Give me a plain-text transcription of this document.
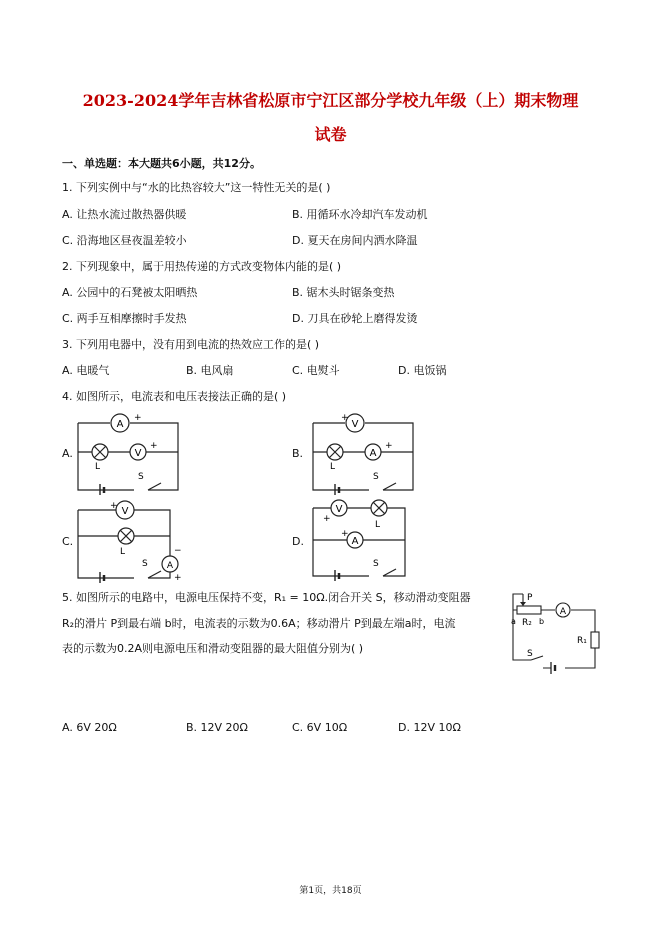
2023-2024学年吉林省松原市宁江区部分学校九年级（上）期末物理
试卷
一、单选题：本大题共6小题，共12分。
1. 下列实例中与“水的比热容较大”这一特性无关的是( )
A. 让热水流过散热器供暖	B. 用循环水冷却汽车发动机
C. 沿海地区昼夜温差较小	D. 夏天在房间内洒水降温
2. 下列现象中，属于用热传递的方式改变物体内能的是( )
A. 公园中的石凳被太阳晒热	B. 锯木头时锯条变热
C. 两手互相摩擦时手发热	D. 刀具在砂轮上磨得发烫
3. 下列用电器中，没有用到电流的热效应工作的是( )
A. 电暖气	B. 电风扇	C. 电熨斗	D. 电饭锅
4. 如图所示，电流表和电压表接法正确的是( )
A.	B.
C.	D.
A
V
+
+
L
S
V
A
+
+
L
S
V
A
+
−
+
L
S
V
A
+
+
L
S
5. 如图所示的电路中，电源电压保持不变，R₁ = 10Ω.闭合开关 S，移动滑动变阻器
R₂的滑片 P到最右端 b时，电流表的示数为0.6A；移动滑片 P到最左端a时，电流
表的示数为0.2A则电源电压和滑动变阻器的最大阻值分别为( )
P
A
a	b
R₂
R₁
S
A. 6V 20Ω	B. 12V 20Ω	C. 6V 10Ω	D. 12V 10Ω
第1页，共18页
